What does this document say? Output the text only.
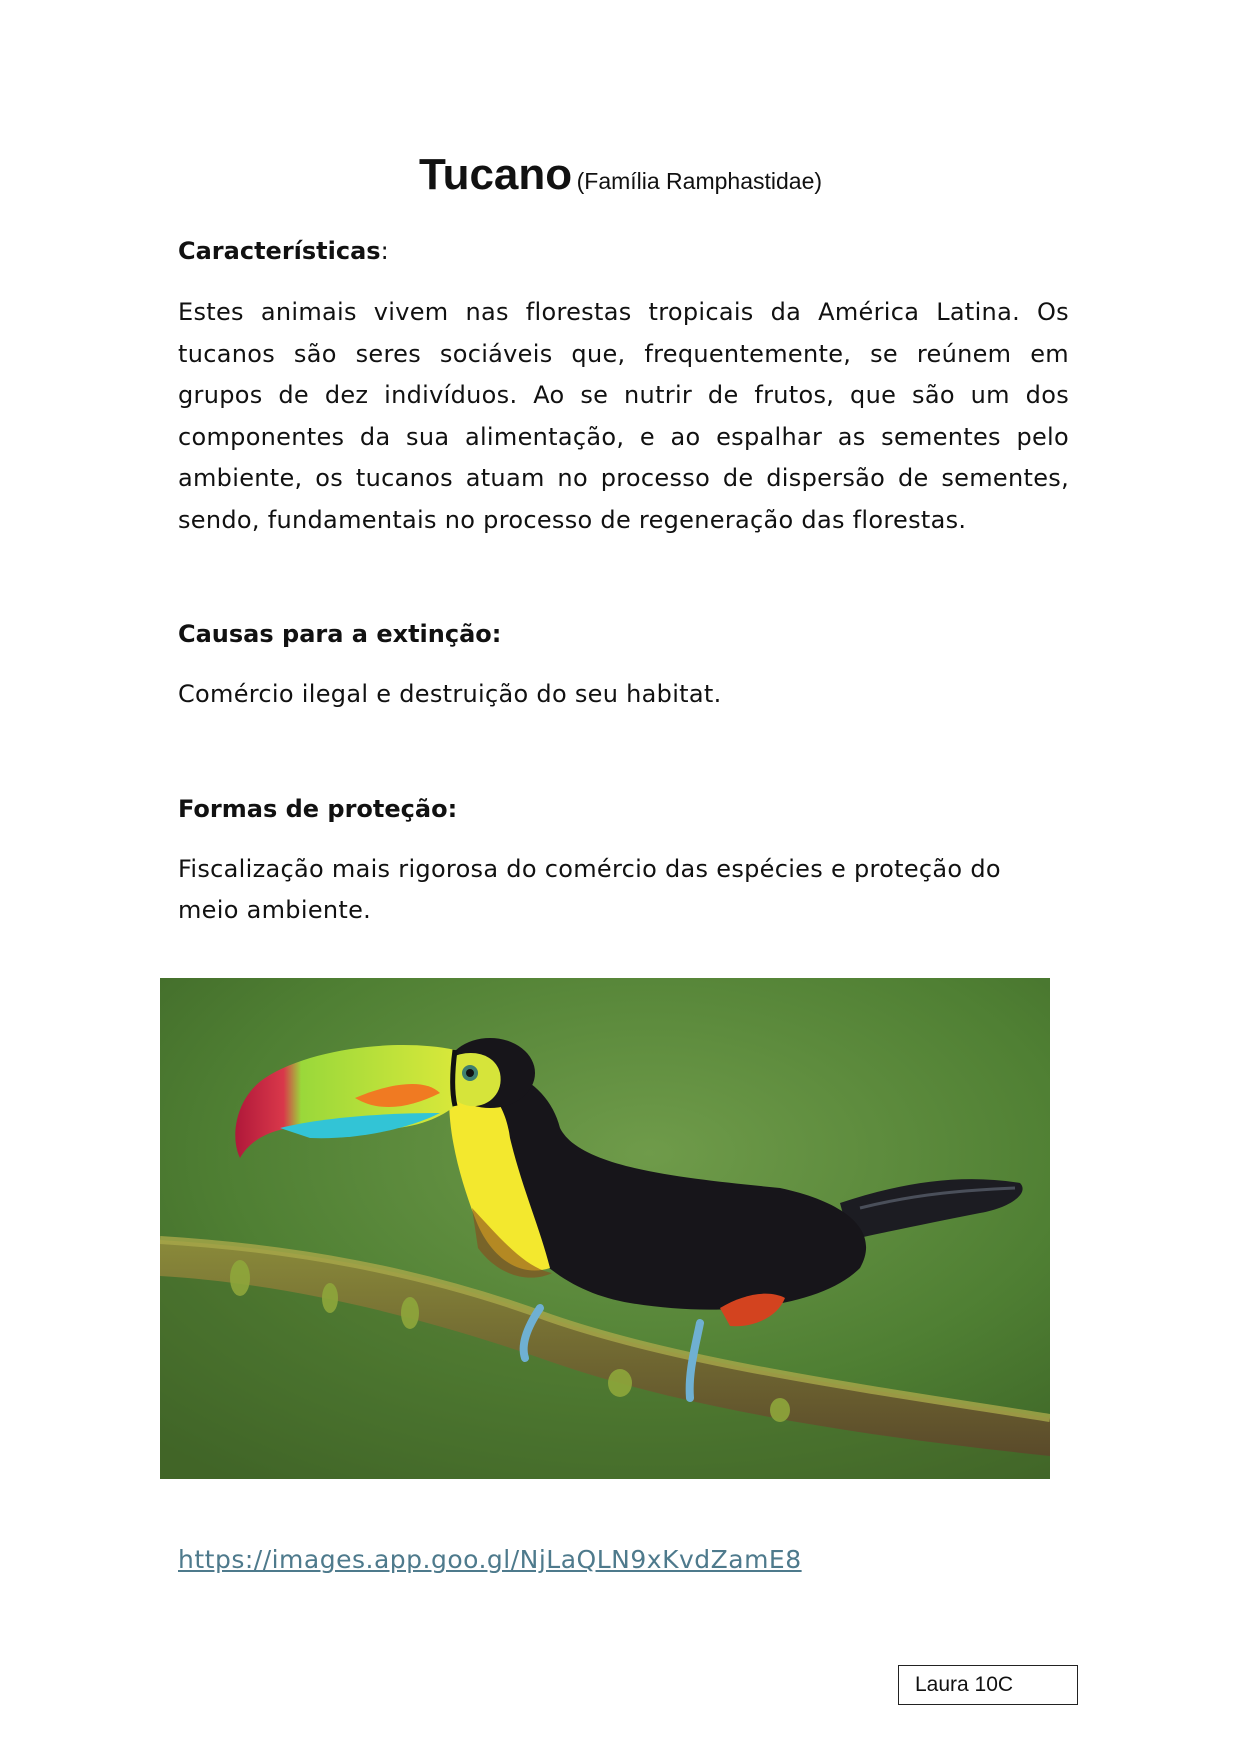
Tucano (Família Ramphastidae)
Características:
Estes animais vivem nas florestas tropicais da América Latina. Os tucanos são seres sociáveis que, frequentemente, se reúnem em grupos de dez indivíduos. Ao se nutrir de frutos, que são um dos componentes da sua alimentação, e ao espalhar as sementes pelo ambiente, os tucanos atuam no processo de dispersão de sementes, sendo, fundamentais no processo de regeneração das florestas.
Causas para a extinção:
Comércio ilegal e destruição do seu habitat.
Formas de proteção:
Fiscalização mais rigorosa do comércio das espécies e proteção do
meio ambiente.
https://images.app.goo.gl/NjLaQLN9xKvdZamE8
Laura 10C
